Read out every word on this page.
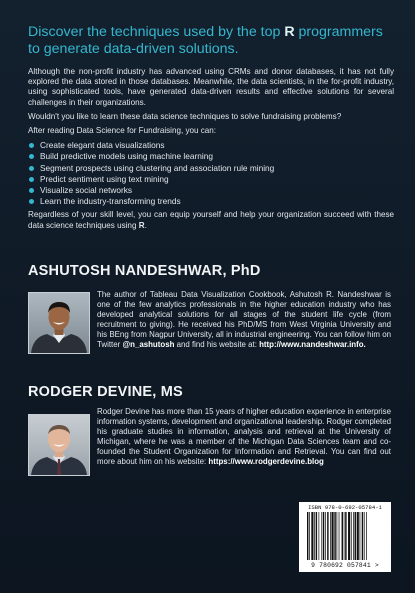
Discover the techniques used by the top R programmers to generate data-driven solutions.

Although the non-profit industry has advanced using CRMs and donor databases, it has not fully explored the data stored in those databases. Meanwhile, the data scientists, in the for-profit industry, using sophisticated tools, have generated data-driven results and effective solutions for several challenges in their organizations.

Wouldn't you like to learn these data science techniques to solve fundraising problems?

After reading Data Science for Fundraising, you can:

Create elegant data visualizations
Build predictive models using machine learning
Segment prospects using clustering and association rule mining
Predict sentiment using text mining
Visualize social networks
Learn the industry-transforming trends

Regardless of your skill level, you can equip yourself and help your organization succeed with these data science techniques using R.

ASHUTOSH NANDESHWAR, PhD

The author of Tableau Data Visualization Cookbook, Ashutosh R. Nandeshwar is one of the few analytics professionals in the higher education industry who has developed analytical solutions for all stages of the student life cycle (from recruitment to giving). He received his PhD/MS from West Virginia University and his BEng from Nagpur University, all in industrial engineering. You can follow him on Twitter @n_ashutosh and find his website at: http://www.nandeshwar.info.

RODGER DEVINE, MS

Rodger Devine has more than 15 years of higher education experience in enterprise information systems, development and organizational leadership. Rodger completed his graduate studies in information, analysis and retrieval at the University of Michigan, where he was a member of the Michigan Data Sciences team and co-founded the Student Organization for Information and Retrieval. You can find out more about him on his website: https://www.rodgerdevine.blog

ISBN 978-0-692-05784-1
9 780692 057841 >
